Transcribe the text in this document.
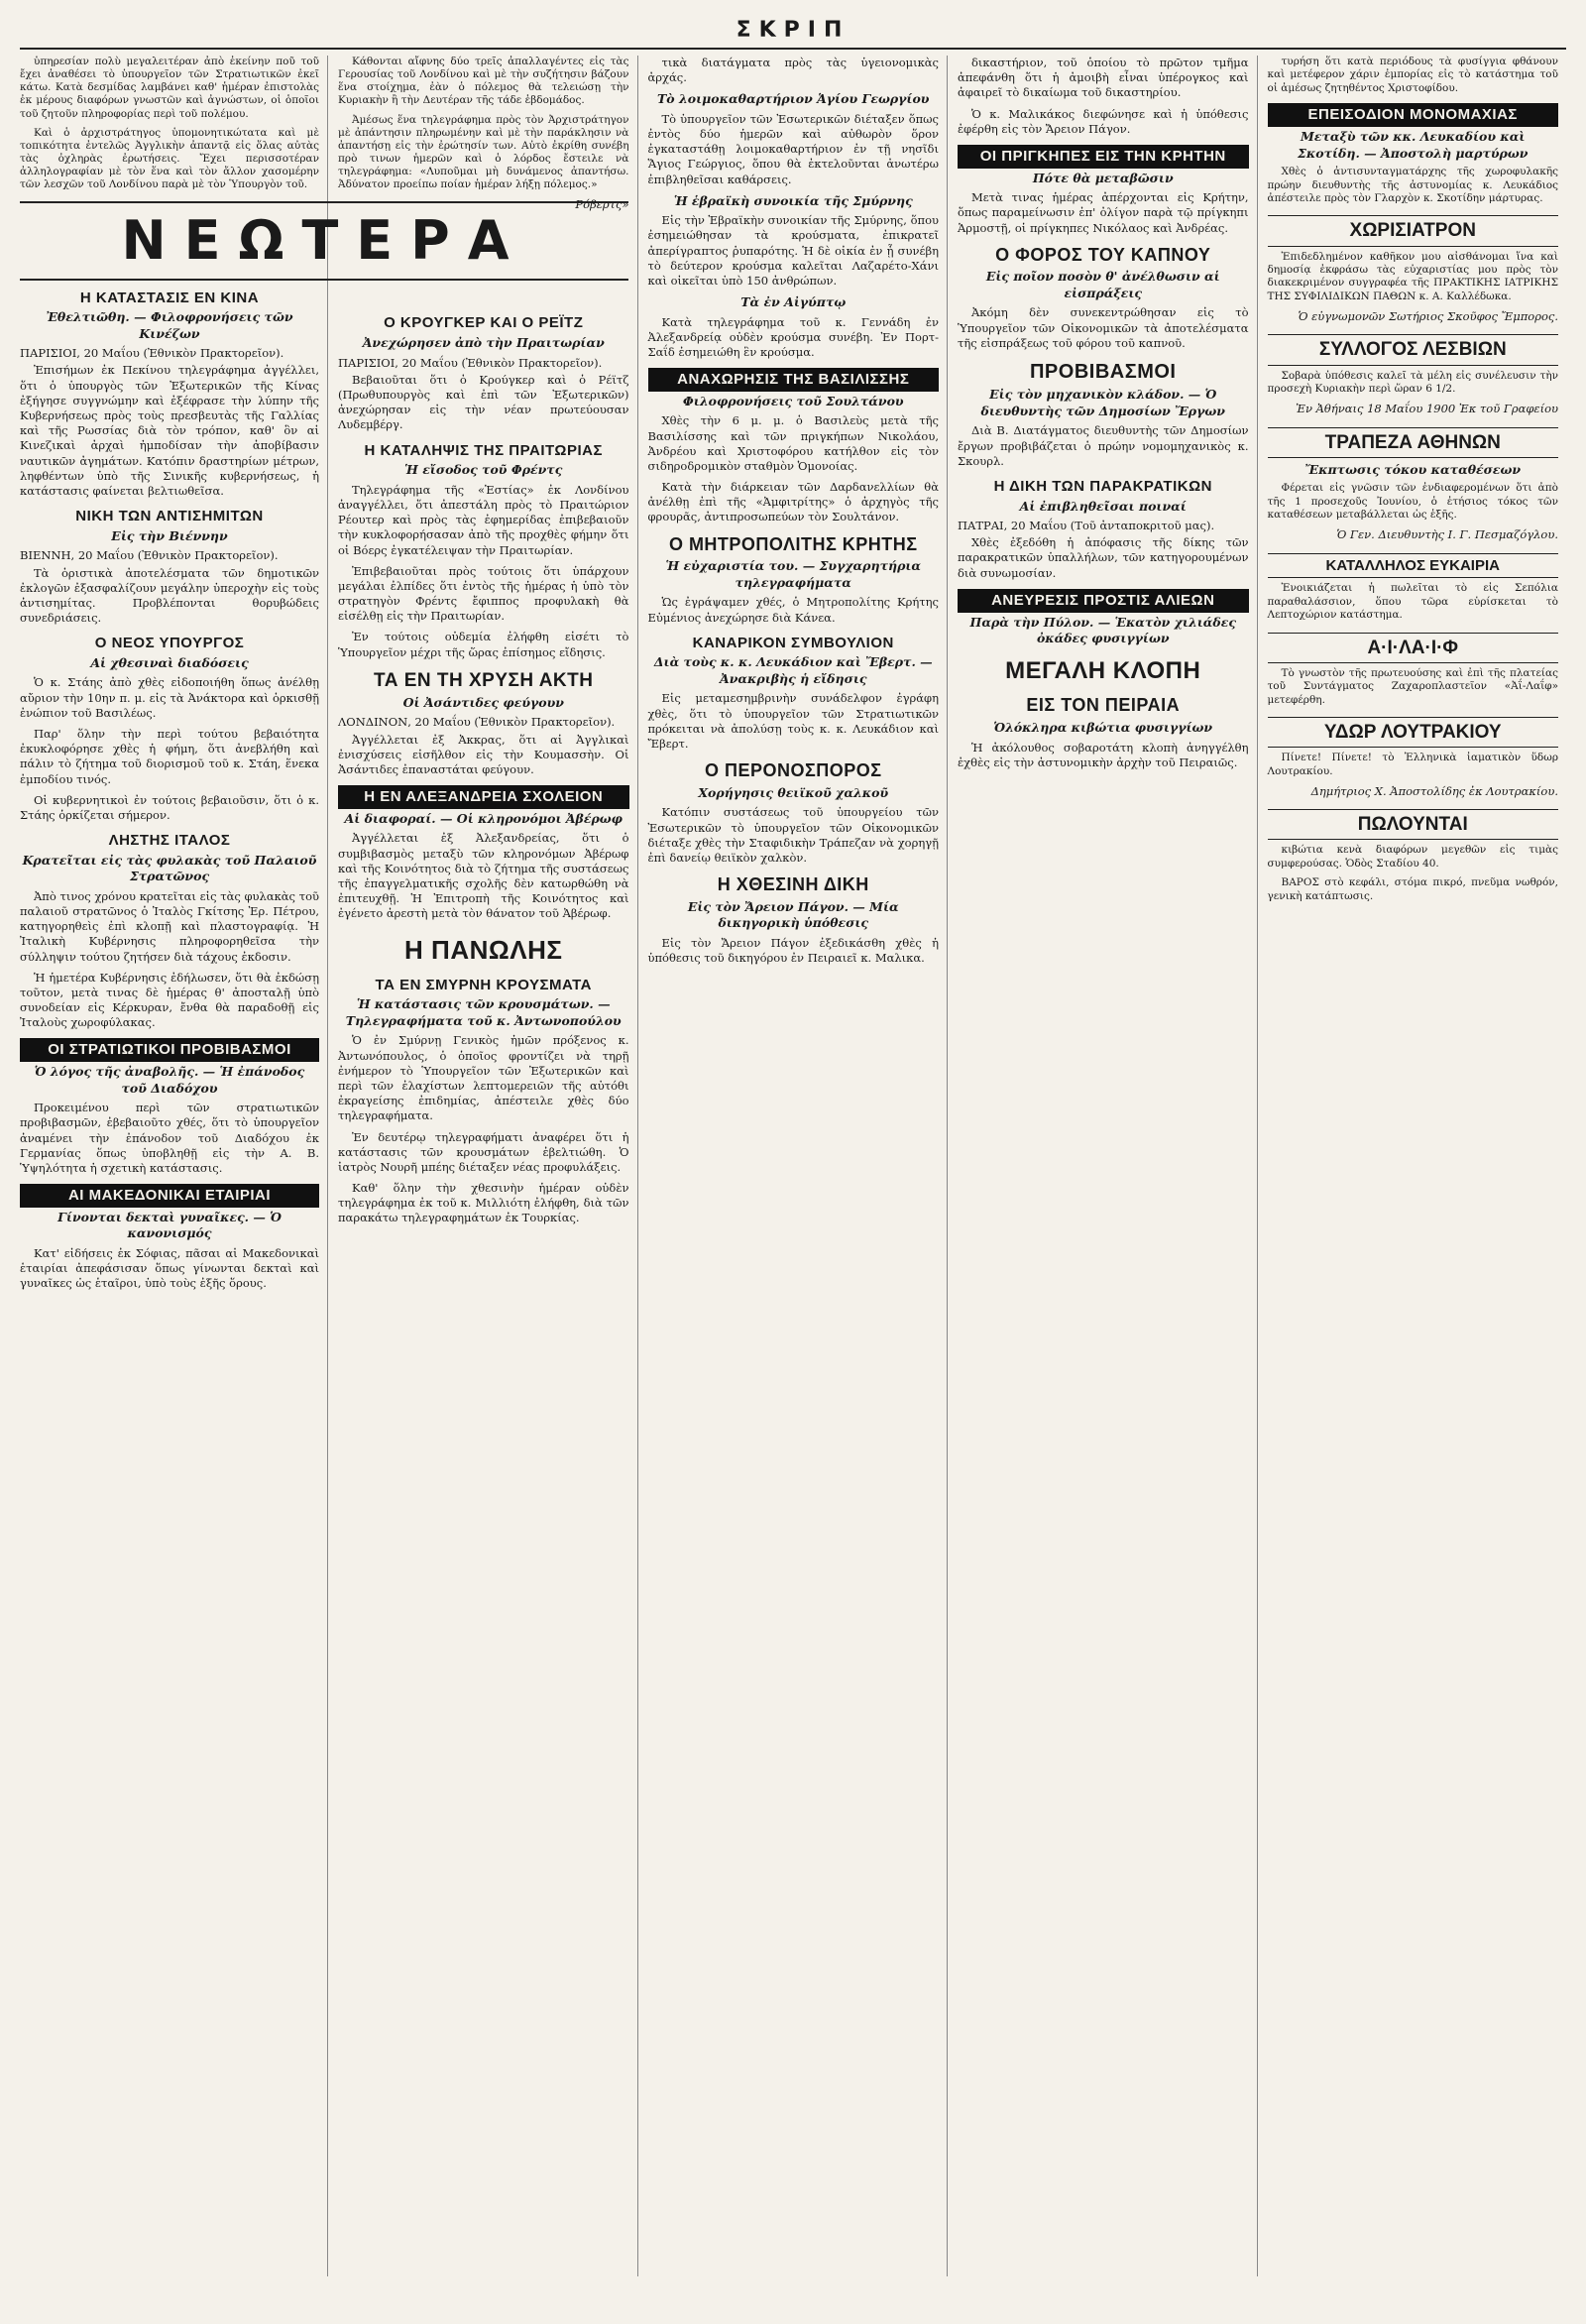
ΣΚΡΙΠ

ὑπηρεσίαν πολὺ μεγαλειτέραν ἀπὸ ἐκείνην ποῦ τοῦ ἔχει ἀναθέσει τὸ ὑπουργεῖον τῶν Στρατιωτικῶν ἐκεῖ κάτω. Κατὰ δεσμίδας λαμβάνει καθ' ἡμέραν ἐπιστολὰς ἐκ μέρους διαφόρων γνωστῶν καὶ ἀγνώστων, οἱ ὁποῖοι τοῦ ζητοῦν πληροφορίας περὶ τοῦ πολέμου.

Καὶ ὁ ἀρχιστράτηγος ὑπομονητικώτατα καὶ μὲ τοπικότητα ἐντελῶς Ἀγγλικὴν ἀπαντᾷ εἰς ὅλας αὐτὰς τὰς ὀχληρὰς ἐρωτήσεις. Ἔχει περισσοτέραν ἀλληλογραφίαν μὲ τὸν ἕνα καὶ τὸν ἄλλον χασομέρην τῶν λεσχῶν τοῦ Λονδίνου παρὰ μὲ τὸν Ὑπουργὸν τοῦ.

ΝΕΩΤΕΡΑ
Η ΚΑΤΑΣΤΑΣΙΣ ΕΝ ΚΙΝΑ
Ἐθελτιῶθη. — Φιλοφρονήσεις τῶν Κινέζων
ΠΑΡΙΣΙΟΙ, 20 Μαΐου (Ἐθνικὸν Πρακτορεῖον).

Ἐπισήμων ἐκ Πεκίνου τηλεγράφημα ἀγγέλλει, ὅτι ὁ ὑπουργὸς τῶν Ἐξωτερικῶν τῆς Κίνας ἐξήγησε συγγνώμην καὶ ἐξέφρασε τὴν λύπην τῆς Κυβερνήσεως πρὸς τοὺς πρεσβευτὰς τῆς Γαλλίας καὶ τῆς Ρωσσίας διὰ τὸν τρόπον, καθ' ὃν αἱ Κινεζικαὶ ἀρχαὶ ἠμποδίσαν τὴν ἀποβίβασιν ναυτικῶν ἀγημάτων. Κατόπιν δραστηρίων μέτρων, ληφθέντων ὑπὸ τῆς Σινικῆς κυβερνήσεως, ἡ κατάστασις φαίνεται βελτιωθεῖσα.

ΝΙΚΗ ΤΩΝ ΑΝΤΙΣΗΜΙΤΩΝ
Εἰς τὴν Βιέννην
ΒΙΕΝΝΗ, 20 Μαΐου (Ἐθνικὸν Πρακτορεῖον).

Τὰ ὁριστικὰ ἀποτελέσματα τῶν δημοτικῶν ἐκλογῶν ἐξασφαλίζουν μεγάλην ὑπεροχὴν εἰς τοὺς ἀντισημίτας. Προβλέπονται θορυβώδεις συνεδριάσεις.

Ο ΝΕΟΣ ΥΠΟΥΡΓΟΣ
Αἱ χθεσιναὶ διαδόσεις

Ὁ κ. Στάης ἀπὸ χθὲς εἰδοποιήθη ὅπως ἀνέλθῃ αὔριον τὴν 10ην π. μ. εἰς τὰ Ἀνάκτορα καὶ ὁρκισθῇ ἐνώπιον τοῦ Βασιλέως.

Παρ' ὅλην τὴν περὶ τούτου βεβαιότητα ἐκυκλοφόρησε χθὲς ἡ φήμη, ὅτι ἀνεβλήθη καὶ πάλιν τὸ ζήτημα τοῦ διορισμοῦ τοῦ κ. Στάη, ἕνεκα ἐμποδίου τινός.

Οἱ κυβερνητικοὶ ἐν τούτοις βεβαιοῦσιν, ὅτι ὁ κ. Στάης ὁρκίζεται σήμερον.

ΛΗΣΤΗΣ ΙΤΑΛΟΣ
Κρατεῖται εἰς τὰς φυλακὰς τοῦ Παλαιοῦ Στρατῶνος

Ἀπὸ τινος χρόνου κρατεῖται εἰς τὰς φυλακὰς τοῦ παλαιοῦ στρατῶνος ὁ Ἰταλὸς Γκίτσης Ἐρ. Πέτρου, κατηγορηθεὶς ἐπὶ κλοπῇ καὶ πλαστογραφίᾳ. Ἡ Ἰταλικὴ Κυβέρνησις πληροφορηθεῖσα τὴν σύλληψιν τούτου ζητήσεν διὰ τάχους ἐκδοσιν.

Ἡ ἡμετέρα Κυβέρνησις ἐδήλωσεν, ὅτι θὰ ἐκδώσῃ τοῦτον, μετὰ τινας δὲ ἡμέρας θ' ἀποσταλῇ ὑπὸ συνοδείαν εἰς Κέρκυραν, ἔνθα θὰ παραδοθῇ εἰς Ἰταλοὺς χωροφύλακας.

ΟΙ ΣΤΡΑΤΙΩΤΙΚΟΙ ΠΡΟΒΙΒΑΣΜΟΙ
Ὁ λόγος τῆς ἀναβολῆς. — Ἡ ἐπάνοδος τοῦ Διαδόχου

Προκειμένου περὶ τῶν στρατιωτικῶν προβιβασμῶν, ἐβεβαιοῦτο χθές, ὅτι τὸ ὑπουργεῖον ἀναμένει τὴν ἐπάνοδον τοῦ Διαδόχου ἐκ Γερμανίας ὅπως ὑποβληθῇ εἰς τὴν Α. Β. Ὑψηλότητα ἡ σχετικὴ κατάστασις.

ΑΙ ΜΑΚΕΔΟΝΙΚΑΙ ΕΤΑΙΡΙΑΙ
Γίνονται δεκταὶ γυναῖκες. — Ὁ κανονισμός

Κατ' εἰδήσεις ἐκ Σόφιας, πᾶσαι αἱ Μακεδονικαὶ ἑταιρίαι ἀπεφάσισαν ὅπως γίνωνται δεκταὶ καὶ γυναῖκες ὡς ἑταῖροι, ὑπὸ τοὺς ἐξῆς ὅρους.

Κάθονται αἴφνης δύο τρεῖς ἀπαλλαγέντες εἰς τὰς Γερουσίας τοῦ Λονδίνου καὶ μὲ τὴν συζήτησιν βάζουν ἕνα στοίχημα, ἐὰν ὁ πόλεμος θὰ τελειώσῃ τὴν Κυριακὴν ἢ τὴν Δευτέραν τῆς τάδε ἑβδομάδος.

Ἀμέσως ἕνα τηλεγράφημα πρὸς τὸν Ἀρχιστράτηγον μὲ ἀπάντησιν πληρωμένην καὶ μὲ τὴν παράκλησιν νὰ ἀπαντήσῃ εἰς τὴν ἐρώτησίν των. Αὐτὸ ἐκρίθη συνέβη πρὸ τινων ἡμερῶν καὶ ὁ λόρδος ἔστειλε νὰ τηλεγράφημα: «Λυποῦμαι μὴ δυνάμενος ἀπαντήσω. Ἀδύνατον προείπω ποίαν ἡμέραν λήξῃ πόλεμος.»

Ρόβερτς»
Ο ΚΡΟΥΓΚΕΡ ΚΑΙ Ο ΡΕΪΤΖ
Ἀνεχώρησεν ἀπὸ τὴν Πραιτωρίαν
ΠΑΡΙΣΙΟΙ, 20 Μαΐου (Ἐθνικὸν Πρακτορεῖον).

Βεβαιοῦται ὅτι ὁ Κρούγκερ καὶ ὁ Ρέϊτζ (Πρωθυπουργὸς καὶ ἐπὶ τῶν Ἐξωτερικῶν) ἀνεχώρησαν εἰς τὴν νέαν πρωτεύουσαν Λυδεμβέργ.

Η ΚΑΤΑΛΗΨΙΣ ΤΗΣ ΠΡΑΙΤΩΡΙΑΣ
Ἡ εἴσοδος τοῦ Φρέντς

Τηλεγράφημα τῆς «Ἑστίας» ἐκ Λονδίνου ἀναγγέλλει, ὅτι ἀπεστάλη πρὸς τὸ Πραιτώριον Ρέουτερ καὶ πρὸς τὰς ἐφημερίδας ἐπιβεβαιοῦν τὴν κυκλοφορήσασαν ἀπὸ τῆς προχθὲς φήμην ὅτι οἱ Βόερς ἐγκατέλειψαν τὴν Πραιτωρίαν.

Ἐπιβεβαιοῦται πρὸς τούτοις ὅτι ὑπάρχουν μεγάλαι ἐλπίδες ὅτι ἐντὸς τῆς ἡμέρας ἡ ὑπὸ τὸν στρατηγὸν Φρέντς ἔφιππος προφυλακὴ θὰ εἰσέλθῃ εἰς τὴν Πραιτωρίαν.

Ἐν τούτοις οὐδεμία ἐλήφθη εἰσέτι τὸ Ὑπουργεῖον μέχρι τῆς ὥρας ἐπίσημος εἴδησις.

ΤΑ ΕΝ ΤΗ ΧΡΥΣΗ ΑΚΤΗ
Οἱ Ἀσάντιδες φεύγουν
ΛΟΝΔΙΝΟΝ, 20 Μαΐου (Ἐθνικὸν Πρακτορεῖον).

Ἀγγέλλεται ἐξ Ἀκκρας, ὅτι αἱ Ἀγγλικαὶ ἐνισχύσεις εἰσῆλθον εἰς τὴν Κουμασσὴν. Οἱ Ἀσάντιδες ἐπαναστάται φεύγουν.

Η ΕΝ ΑΛΕΞΑΝΔΡΕΙΑ ΣΧΟΛΕΙΟΝ
Αἱ διαφοραί. — Οἱ κληρονόμοι Ἀβέρωφ

Ἀγγέλλεται ἐξ Ἀλεξανδρείας, ὅτι ὁ συμβιβασμὸς μεταξὺ τῶν κληρονόμων Ἀβέρωφ καὶ τῆς Κοινότητος διὰ τὸ ζήτημα τῆς συστάσεως τῆς ἐπαγγελματικῆς σχολῆς δὲν κατωρθώθη νὰ ἐπιτευχθῇ. Ἡ Ἐπιτροπὴ τῆς Κοινότητος καὶ ἐγένετο ἀρεστὴ μετὰ τὸν θάνατον τοῦ Ἀβέρωφ.

Η ΠΑΝΩΛΗΣ
ΤΑ ΕΝ ΣΜΥΡΝΗ ΚΡΟΥΣΜΑΤΑ
Ἡ κατάστασις τῶν κρουσμάτων. — Τηλεγραφήματα τοῦ κ. Ἀντωνοπούλου

Ὁ ἐν Σμύρνῃ Γενικὸς ἡμῶν πρόξενος κ. Ἀντωνόπουλος, ὁ ὁποῖος φροντίζει νὰ τηρῇ ἐνήμερον τὸ Ὑπουργεῖον τῶν Ἐξωτερικῶν καὶ περὶ τῶν ἐλαχίστων λεπτομερειῶν τῆς αὐτόθι ἐκραγείσης ἐπιδημίας, ἀπέστειλε χθὲς δύο τηλεγραφήματα.

Ἐν δευτέρῳ τηλεγραφήματι ἀναφέρει ὅτι ἡ κατάστασις τῶν κρουσμάτων ἐβελτιώθη. Ὁ ἰατρὸς Νουρῆ μπέης διέταξεν νέας προφυλάξεις.

Καθ' ὅλην τὴν χθεσινὴν ἡμέραν οὐδὲν τηλεγράφημα ἐκ τοῦ κ. Μιλλιότη ἐλήφθη, διὰ τῶν παρακάτω τηλεγραφημάτων ἐκ Τουρκίας.

τικὰ διατάγματα πρὸς τὰς ὑγειονομικὰς ἀρχάς.

Τὸ λοιμοκαθαρτήριον Ἁγίου Γεωργίου

Τὸ ὑπουργεῖον τῶν Ἐσωτερικῶν διέταξεν ὅπως ἐντὸς δύο ἡμερῶν καὶ αὐθωρὸν ὅρον ἐγκαταστάθῃ λοιμοκαθαρτήριον ἐν τῇ νησῖδι Ἅγιος Γεώργιος, ὅπου θὰ ἐκτελοῦνται ἀνωτέρω ἐπιβληθεῖσαι καθάρσεις.

Ἡ ἑβραϊκὴ συνοικία τῆς Σμύρνης

Εἰς τὴν Ἑβραϊκὴν συνοικίαν τῆς Σμύρνης, ὅπου ἐσημειώθησαν τὰ κρούσματα, ἐπικρατεῖ ἀπερίγραπτος ῥυπαρότης. Ἡ δὲ οἰκία ἐν ᾗ συνέβη τὸ δεύτερον κρούσμα καλεῖται Λαζαρέτο-Χάνι καὶ οἰκεῖται ὑπὸ 150 ἀνθρώπων.

Τὰ ἐν Αἰγύπτῳ

Κατὰ τηλεγράφημα τοῦ κ. Γεννάδη ἐν Ἀλεξανδρείᾳ οὐδὲν κρούσμα συνέβη. Ἐν Πορτ-Σαΐδ ἐσημειώθη ἓν κρούσμα.

ΑΝΑΧΩΡΗΣΙΣ ΤΗΣ ΒΑΣΙΛΙΣΣΗΣ
Φιλοφρονήσεις τοῦ Σουλτάνου

Χθὲς τὴν 6 μ. μ. ὁ Βασιλεὺς μετὰ τῆς Βασιλίσσης καὶ τῶν πριγκήπων Νικολάου, Ἀνδρέου καὶ Χριστοφόρου κατήλθον εἰς τὸν σιδηροδρομικὸν σταθμὸν Ὁμονοίας.

Κατὰ τὴν διάρκειαν τῶν Δαρδανελλίων θὰ ἀνέλθῃ ἐπὶ τῆς «Ἀμφιτρίτης» ὁ ἀρχηγὸς τῆς φρουρᾶς, ἀντιπροσωπεύων τὸν Σουλτάνον.

Ο ΜΗΤΡΟΠΟΛΙΤΗΣ ΚΡΗΤΗΣ
Ἡ εὐχαριστία του. — Συγχαρητήρια τηλεγραφήματα

Ὡς ἐγράψαμεν χθές, ὁ Μητροπολίτης Κρήτης Εὐμένιος ἀνεχώρησε διὰ Κάνεα.

ΚΑΝΑΡΙΚΟΝ ΣΥΜΒΟΥΛΙΟΝ
Διὰ τοὺς κ. κ. Λευκάδιον καὶ Ἔβερτ. — Ἀνακριβὴς ἡ εἴδησις

Εἰς μεταμεσημβρινὴν συνάδελφον ἐγράφη χθὲς, ὅτι τὸ ὑπουργεῖον τῶν Στρατιωτικῶν πρόκειται νὰ ἀπολύσῃ τοὺς κ. κ. Λευκάδιον καὶ Ἔβερτ.

Ο ΠΕΡΟΝΟΣΠΟΡΟΣ
Χορήγησις θειϊκοῦ χαλκοῦ

Κατόπιν συστάσεως τοῦ ὑπουργείου τῶν Ἐσωτερικῶν τὸ ὑπουργεῖον τῶν Οἰκονομικῶν διέταξε χθὲς τὴν Σταφιδικὴν Τράπεζαν νὰ χορηγῇ ἐπὶ δανείῳ θειϊκὸν χαλκὸν.

Η ΧΘΕΣΙΝΗ ΔΙΚΗ
Εἰς τὸν Ἄρειον Πάγον. — Μία δικηγορικὴ ὑπόθεσις

Εἰς τὸν Ἄρειον Πάγον ἐξεδικάσθη χθὲς ἡ ὑπόθεσις τοῦ δικηγόρου ἐν Πειραιεῖ κ. Μαλικα.

δικαστήριον, τοῦ ὁποίου τὸ πρῶτον τμῆμα ἀπεφάνθη ὅτι ἡ ἀμοιβὴ εἶναι ὑπέρογκος καὶ ἀφαιρεῖ τὸ δικαίωμα τοῦ δικαστηρίου.

Ὁ κ. Μαλικάκος διεφώνησε καὶ ἡ ὑπόθεσις ἐφέρθη εἰς τὸν Ἄρειον Πάγον.

ΟΙ ΠΡΙΓΚΗΠΕΣ ΕΙΣ ΤΗΝ ΚΡΗΤΗΝ
Πότε θὰ μεταβῶσιν

Μετὰ τινας ἡμέρας ἀπέρχονται εἰς Κρήτην, ὅπως παραμείνωσιν ἐπ' ὀλίγον παρὰ τῷ πρίγκηπι Ἁρμοστῇ, οἱ πρίγκηπες Νικόλαος καὶ Ἀνδρέας.

Ο ΦΟΡΟΣ ΤΟΥ ΚΑΠΝΟΥ
Εἰς ποῖον ποσὸν θ' ἀνέλθωσιν αἱ εἰσπράξεις

Ἀκόμη δὲν συνεκεντρώθησαν εἰς τὸ Ὑπουργεῖον τῶν Οἰκονομικῶν τὰ ἀποτελέσματα τῆς εἰσπράξεως τοῦ φόρου τοῦ καπνοῦ.

ΠΡΟΒΙΒΑΣΜΟΙ
Εἰς τὸν μηχανικὸν κλάδον. — Ὁ διευθυντὴς τῶν Δημοσίων Ἔργων

Διὰ Β. Διατάγματος διευθυντὴς τῶν Δημοσίων ἔργων προβιβάζεται ὁ πρώην νομομηχανικὸς κ. Σκουρλ.

Η ΔΙΚΗ ΤΩΝ ΠΑΡΑΚΡΑΤΙΚΩΝ
Αἱ ἐπιβληθεῖσαι ποιναί
ΠΑΤΡΑΙ, 20 Μαΐου (Τοῦ ἀνταποκριτοῦ μας).

Χθὲς ἐξεδόθη ἡ ἀπόφασις τῆς δίκης τῶν παρακρατικῶν ὑπαλλήλων, τῶν κατηγορουμένων διὰ συνωμοσίαν.

ΑΝΕΥΡΕΣΙΣ ΠΡΟΣΤΙΣ ΑΛΙΕΩΝ
Παρὰ τὴν Πύλον. — Ἑκατὸν χιλιάδες ὀκάδες φυσιγγίων
ΜΕΓΑΛΗ ΚΛΟΠΗ
ΕΙΣ ΤΟΝ ΠΕΙΡΑΙΑ
Ὁλόκληρα κιβώτια φυσιγγίων

Ἡ ἀκόλουθος σοβαροτάτη κλοπὴ ἀνηγγέλθη ἐχθὲς εἰς τὴν ἀστυνομικὴν ἀρχὴν τοῦ Πειραιῶς.

τυρήση ὅτι κατὰ περιόδους τὰ φυσίγγια φθάνουν καὶ μετέφερον χάριν ἐμπορίας εἰς τὸ κατάστημα τοῦ οἰ ἀμέσως ζητηθέντος Χριστοφίδου.

ΕΠΕΙΣΟΔΙΟΝ ΜΟΝΟΜΑΧΙΑΣ
Μεταξὺ τῶν κκ. Λευκαδίου καὶ Σκοτίδη. — Ἀποστολὴ μαρτύρων

Χθὲς ὁ ἀντισυνταγματάρχης τῆς χωροφυλακῆς πρώην διευθυντὴς τῆς ἀστυνομίας κ. Λευκάδιος ἀπέστειλε πρὸς τὸν Γλαρχὸν κ. Σκοτίδην μάρτυρας.

ΧΩΡΙΣΙΑΤΡΟΝ

Ἐπιδεδλημένον καθῆκον μου αἰσθάνομαι ἵνα καὶ δημοσίᾳ ἐκφράσω τὰς εὐχαριστίας μου πρὸς τὸν διακεκριμένον συγγραφέα τῆς ΠΡΑΚΤΙΚΗΣ ΙΑΤΡΙΚΗΣ ΤΗΣ ΣΥΦΙΛΙΔΙΚΩΝ ΠΑΘΩΝ κ. Α. Καλλέδωκα.

Ὁ εὐγνωμονῶν Σωτήριος Σκοῦφος Ἔμπορος.
ΣΥΛΛΟΓΟΣ ΛΕΣΒΙΩΝ

Σοβαρὰ ὑπόθεσις καλεῖ τὰ μέλη εἰς συνέλευσιν τὴν προσεχὴ Κυριακὴν περὶ ὥραν 6 1/2.

Ἐν Ἀθήναις 18 Μαΐου 1900 Ἐκ τοῦ Γραφείου
ΤΡΑΠΕΖΑ ΑΘΗΝΩΝ
Ἔκπτωσις τόκου καταθέσεων

Φέρεται εἰς γνῶσιν τῶν ἐνδιαφερομένων ὅτι ἀπὸ τῆς 1 προσεχοῦς Ἰουνίου, ὁ ἐτήσιος τόκος τῶν καταθέσεων μεταβάλλεται ὡς ἑξῆς.

Ὁ Γεν. Διευθυντὴς Ι. Γ. Πεσμαζόγλου.
ΚΑΤΑΛΛΗΛΟΣ ΕΥΚΑΙΡΙΑ

Ἐνοικιάζεται ἡ πωλεῖται τὸ εἰς Σεπόλια παραθαλάσσιον, ὅπου τῶρα εὑρίσκεται τὸ Λεπτοχώριον κατάστημα.

Α·Ι·ΛΑ·Ι·Φ

Τὸ γνωστὸν τῆς πρωτευούσης καὶ ἐπὶ τῆς πλατείας τοῦ Συντάγματος Ζαχαροπλαστεῖον «Ἀΐ-Λαΐφ» μετεφέρθη.

ΥΔΩΡ ΛΟΥΤΡΑΚΙΟΥ

Πίνετε! Πίνετε! τὸ Ἑλληνικὰ ἰαματικὸν ὕδωρ Λουτρακίου.

Δημήτριος Χ. Ἀποστολίδης ἐκ Λουτρακίου.
ΠΩΛΟΥΝΤΑΙ

κιβώτια κενὰ διαφόρων μεγεθῶν εἰς τιμὰς συμφερούσας. Ὁδὸς Σταδίου 40.

ΒΑΡΟΣ στὸ κεφάλι, στόμα πικρό, πνεῦμα νωθρόν, γενικὴ κατάπτωσις.
